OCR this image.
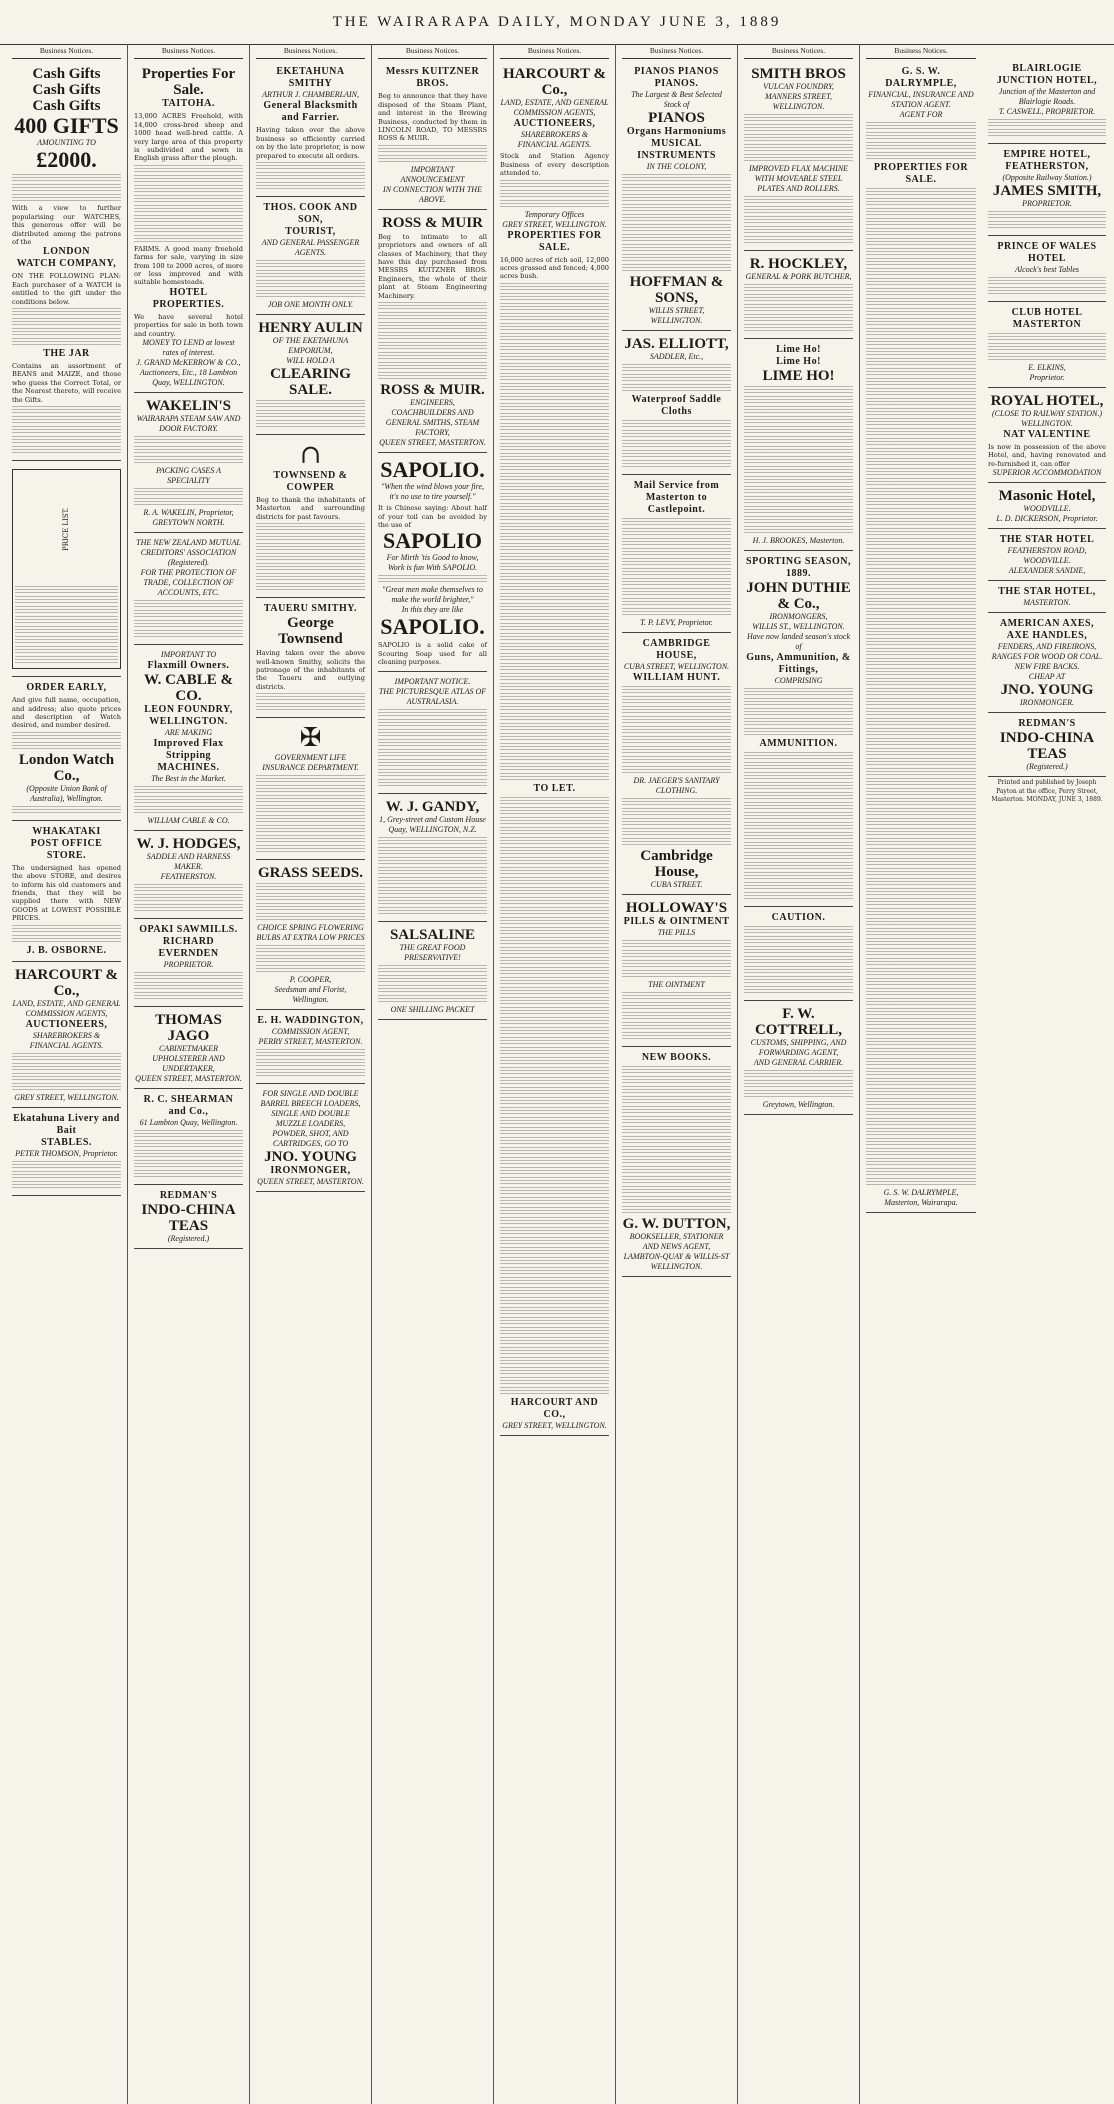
THE WAIRARAPA DAILY, MONDAY JUNE 3, 1889
Business Notices.
Cash Gifts
Cash Gifts
Cash Gifts
400 GIFTS
AMOUNTING TO
£2000.
With a view to further popularising our WATCHES, this generous offer will be distributed among the patrons of the
LONDON
WATCH COMPANY,
ON THE FOLLOWING PLAN: Each purchaser of a WATCH is entitled to the gift under the conditions below.
THE JAR
Contains an assortment of BEANS and MAIZE, and those who guess the Correct Total, or the Nearest thereto, will receive the Gifts.
PRICE LIST.
ORDER EARLY,
And give full name, occupation, and address; also quote prices and description of Watch desired, and number desired.
London Watch Co.,
(Opposite Union Bank of Australia), Wellington.
WHAKATAKI
POST OFFICE STORE.
The undersigned has opened the above STORE, and desires to inform his old customers and friends, that they will be supplied there with NEW GOODS at LOWEST POSSIBLE PRICES.
J. B. OSBORNE.
HARCOURT & Co.,
LAND, ESTATE, AND GENERAL COMMISSION AGENTS,
AUCTIONEERS,
SHAREBROKERS & FINANCIAL AGENTS.
GREY STREET, WELLINGTON.
Ekatahuna Livery and Bait
STABLES.
PETER THOMSON, Proprietor.
Business Notices.
Properties For Sale.
TAITOHA.
13,000 ACRES Freehold, with 14,000 cross-bred sheep and 1000 head well-bred cattle. A very large area of this property is subdivided and sown in English grass after the plough.
FARMS. A good many freehold farms for sale, varying in size from 100 to 2000 acres, of more or less improved and with suitable homesteads.
HOTEL PROPERTIES.
We have several hotel properties for sale in both town and country.
MONEY TO LEND at lowest rates of interest.
J. GRAND McKERROW & CO.,
Auctioneers, Etc., 18 Lambton Quay, WELLINGTON.
WAKELIN'S
WAIRARAPA STEAM SAW AND DOOR FACTORY.
PACKING CASES A SPECIALITY
R. A. WAKELIN, Proprietor, GREYTOWN NORTH.
THE NEW ZEALAND MUTUAL CREDITORS' ASSOCIATION (Registered).
FOR THE PROTECTION OF TRADE, COLLECTION OF ACCOUNTS, ETC.
IMPORTANT TO
Flaxmill Owners.
W. CABLE & CO.
LEON FOUNDRY,
WELLINGTON.
ARE MAKING
Improved Flax Stripping
MACHINES.
The Best in the Market.
WILLIAM CABLE & CO.
W. J. HODGES,
SADDLE AND HARNESS MAKER.
FEATHERSTON.
OPAKI SAWMILLS.
RICHARD EVERNDEN
PROPRIETOR.
THOMAS JAGO
CABINETMAKER UPHOLSTERER AND UNDERTAKER,
QUEEN STREET, MASTERTON.
R. C. SHEARMAN and Co.,
61 Lambton Quay, Wellington.
REDMAN'S
INDO-CHINA TEAS
(Registered.)
Business Notices.
EKETAHUNA SMITHY
ARTHUR J. CHAMBERLAIN,
General Blacksmith and Farrier.
Having taken over the above business so efficiently carried on by the late proprietor, is now prepared to execute all orders.
THOS. COOK AND SON,
TOURIST,
AND GENERAL PASSENGER AGENTS.
JOB ONE MONTH ONLY.
HENRY AULIN
OF THE EKETAHUNA EMPORIUM,
WILL HOLD A
CLEARING SALE.
∩
TOWNSEND & COWPER
Beg to thank the inhabitants of Masterton and surrounding districts for past favours.
TAUERU SMITHY.
George Townsend
Having taken over the above well-known Smithy, solicits the patronage of the inhabitants of the Taueru and outlying districts.
✠
GOVERNMENT LIFE INSURANCE DEPARTMENT.
GRASS SEEDS.
CHOICE SPRING FLOWERING BULBS AT EXTRA LOW PRICES
P. COOPER,
Seedsman and Florist, Wellington.
E. H. WADDINGTON,
COMMISSION AGENT,
PERRY STREET, MASTERTON.
FOR SINGLE AND DOUBLE BARREL BREECH LOADERS,
SINGLE AND DOUBLE MUZZLE LOADERS,
POWDER, SHOT, AND CARTRIDGES, GO TO
JNO. YOUNG
IRONMONGER,
QUEEN STREET, MASTERTON.
Business Notices.
Messrs KUITZNER BROS.
Beg to announce that they have disposed of the Steam Plant, and interest in the Brewing Business, conducted by them in LINCOLN ROAD, TO MESSRS ROSS & MUIR.
IMPORTANT ANNOUNCEMENT
IN CONNECTION WITH THE ABOVE.
ROSS & MUIR
Beg to intimate to all proprietors and owners of all classes of Machinery, that they have this day purchased from MESSRS KUITZNER BROS. Engineers, the whole of their plant at Steam Engineering Machinery.
ROSS & MUIR.
ENGINEERS, COACHBUILDERS AND GENERAL SMITHS, STEAM FACTORY,
QUEEN STREET, MASTERTON.
SAPOLIO.
"When the wind blows your fire, it's no use to tire yourself."
It is Chinese saying: About half of your toil can be avoided by the use of
SAPOLIO
For Mirth 'tis Good to know, Work is fun With SAPOLIO.
"Great men make themselves to make the world brighter,"
In this they are like
SAPOLIO.
SAPOLIO is a solid cake of Scouring Soap used for all cleaning purposes.
IMPORTANT NOTICE.
THE PICTURESQUE ATLAS OF AUSTRALASIA.
W. J. GANDY,
1, Grey-street and Custom House Quay, WELLINGTON, N.Z.
SALSALINE
THE GREAT FOOD PRESERVATIVE!
ONE SHILLING PACKET
Business Notices.
HARCOURT & Co.,
LAND, ESTATE, AND GENERAL COMMISSION AGENTS,
AUCTIONEERS,
SHAREBROKERS & FINANCIAL AGENTS.
Stock and Station Agency Business of every description attended to.
Temporary Offices
GREY STREET, WELLINGTON.
PROPERTIES FOR SALE.
16,000 acres of rich soil, 12,000 acres grassed and fenced; 4,000 acres bush.
TO LET.
HARCOURT AND CO.,
GREY STREET, WELLINGTON.
Business Notices.
PIANOS PIANOS
PIANOS.
The Largest & Best Selected Stock of
PIANOS
Organs Harmoniums
MUSICAL INSTRUMENTS
IN THE COLONY,
HOFFMAN & SONS,
WILLIS STREET, WELLINGTON.
JAS. ELLIOTT,
SADDLER, Etc.,
Waterproof Saddle Cloths
Mail Service from Masterton to Castlepoint.
T. P. LEVY, Proprietor.
CAMBRIDGE HOUSE,
CUBA STREET, WELLINGTON.
WILLIAM HUNT.
DR. JAEGER'S SANITARY CLOTHING.
Cambridge House,
CUBA STREET.
HOLLOWAY'S
PILLS & OINTMENT
THE PILLS
THE OINTMENT
NEW BOOKS.
G. W. DUTTON,
BOOKSELLER, STATIONER AND NEWS AGENT,
LAMBTON-QUAY & WILLIS-ST WELLINGTON.
Business Notices.
SMITH BROS
VULCAN FOUNDRY,
MANNERS STREET, WELLINGTON.
IMPROVED FLAX MACHINE WITH MOVEABLE STEEL PLATES AND ROLLERS.
R. HOCKLEY,
GENERAL & PORK BUTCHER,
Lime Ho!
Lime Ho!
LIME HO!
H. J. BROOKES, Masterton.
SPORTING SEASON,
1889.
JOHN DUTHIE & Co.,
IRONMONGERS,
WILLIS ST., WELLINGTON.
Have now landed season's stock of
Guns, Ammunition, & Fittings,
COMPRISING
AMMUNITION.
CAUTION.
F. W. COTTRELL,
CUSTOMS, SHIPPING, AND FORWARDING AGENT,
AND GENERAL CARRIER.
Greytown, Wellington.
Business Notices.
G. S. W. DALRYMPLE,
FINANCIAL, INSURANCE AND STATION AGENT.
AGENT FOR
PROPERTIES FOR SALE.
G. S. W. DALRYMPLE,
Masterton, Wairarapa.
BLAIRLOGIE JUNCTION HOTEL,
Junction of the Masterton and Blairlogie Roads.
T. CASWELL, PROPRIETOR.
EMPIRE HOTEL, FEATHERSTON,
(Opposite Railway Station.)
JAMES SMITH,
PROPRIETOR.
PRINCE OF WALES HOTEL
Alcock's best Tables
CLUB HOTEL MASTERTON
E. ELKINS,
Proprietor.
ROYAL HOTEL,
(CLOSE TO RAILWAY STATION.)
WELLINGTON.
NAT VALENTINE
Is now in possession of the above Hotel, and, having renovated and re-furnished it, can offer
SUPERIOR ACCOMMODATION
Masonic Hotel,
WOODVILLE.
L. D. DICKERSON, Proprietor.
THE STAR HOTEL
FEATHERSTON ROAD, WOODVILLE.
ALEXANDER SANDIE,
THE STAR HOTEL,
MASTERTON.
AMERICAN AXES,
AXE HANDLES,
FENDERS, AND FIREIRONS,
RANGES FOR WOOD OR COAL.
NEW FIRE BACKS.
CHEAP AT
JNO. YOUNG
IRONMONGER.
REDMAN'S
INDO-CHINA TEAS
(Registered.)
Printed and published by Joseph Payton at the office, Perry Street, Masterton. MONDAY, JUNE 3, 1889.
